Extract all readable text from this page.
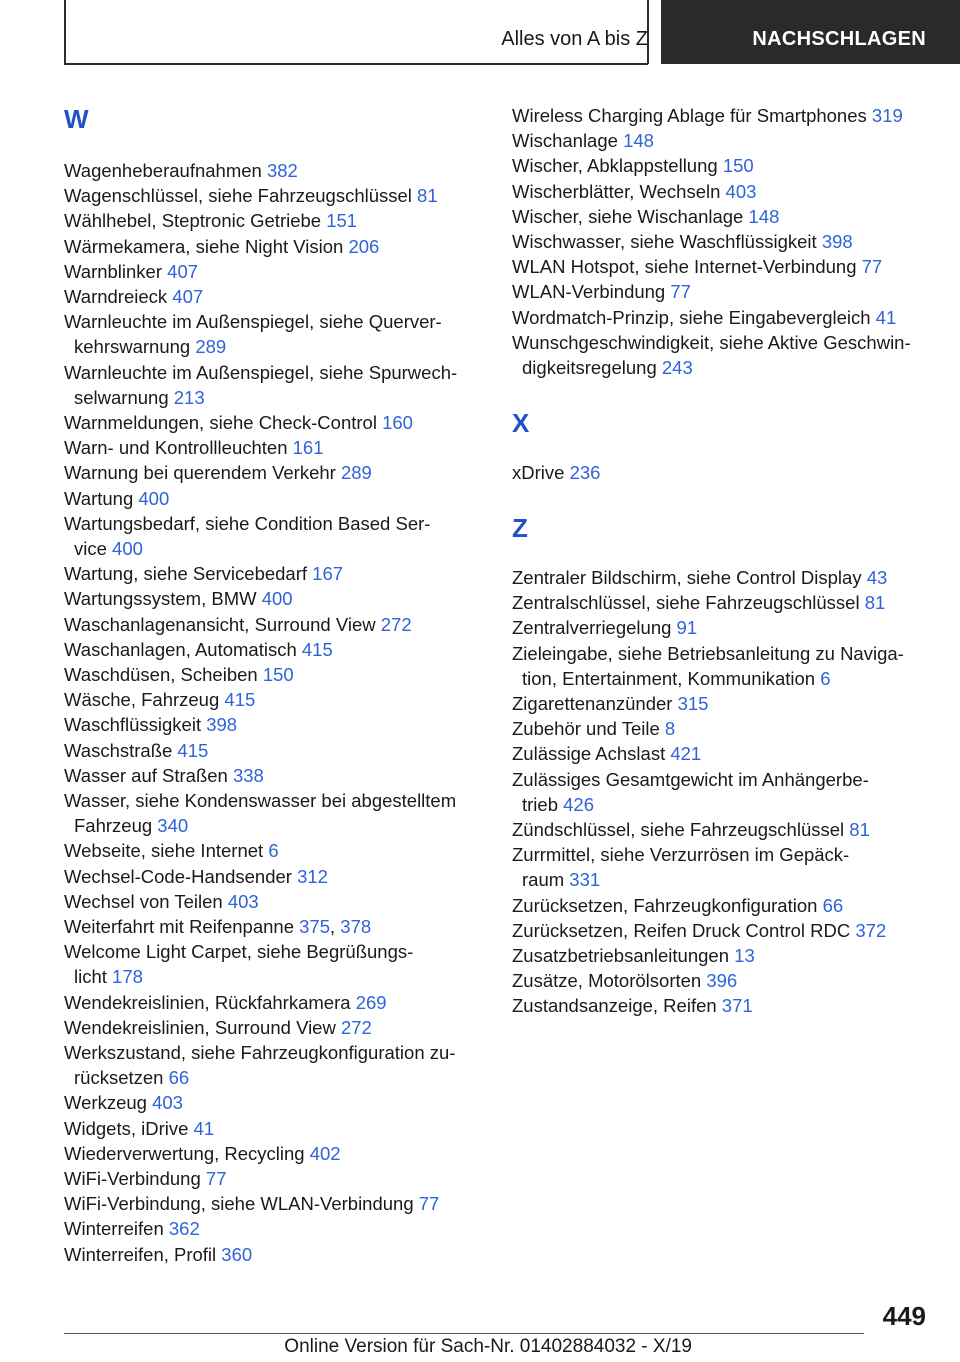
Alles von A bis Z	NACHSCHLAGEN
W
Wagenheberaufnahmen 382
Wagenschlüssel, siehe Fahrzeugschlüssel 81
Wählhebel, Steptronic Getriebe 151
Wärmekamera, siehe Night Vision 206
Warnblinker 407
Warndreieck 407
Warnleuchte im Außenspiegel, siehe Querver-
kehrswarnung 289
Warnleuchte im Außenspiegel, siehe Spurwech-
selwarnung 213
Warnmeldungen, siehe Check-Control 160
Warn- und Kontrollleuchten 161
Warnung bei querendem Verkehr 289
Wartung 400
Wartungsbedarf, siehe Condition Based Ser-
vice 400
Wartung, siehe Servicebedarf 167
Wartungssystem, BMW 400
Waschanlagenansicht, Surround View 272
Waschanlagen, Automatisch 415
Waschdüsen, Scheiben 150
Wäsche, Fahrzeug 415
Waschflüssigkeit 398
Waschstraße 415
Wasser auf Straßen 338
Wasser, siehe Kondenswasser bei abgestelltem
Fahrzeug 340
Webseite, siehe Internet 6
Wechsel-Code-Handsender 312
Wechsel von Teilen 403
Weiterfahrt mit Reifenpanne 375, 378
Welcome Light Carpet, siehe Begrüßungs-
licht 178
Wendekreislinien, Rückfahrkamera 269
Wendekreislinien, Surround View 272
Werkszustand, siehe Fahrzeugkonfiguration zu-
rücksetzen 66
Werkzeug 403
Widgets, iDrive 41
Wiederverwertung, Recycling 402
WiFi-Verbindung 77
WiFi-Verbindung, siehe WLAN-Verbindung 77
Winterreifen 362
Winterreifen, Profil 360
X
Z
Wireless Charging Ablage für Smartphones 319
Wischanlage 148
Wischer, Abklappstellung 150
Wischerblätter, Wechseln 403
Wischer, siehe Wischanlage 148
Wischwasser, siehe Waschflüssigkeit 398
WLAN Hotspot, siehe Internet-Verbindung 77
WLAN-Verbindung 77
Wordmatch-Prinzip, siehe Eingabevergleich 41
Wunschgeschwindigkeit, siehe Aktive Geschwin-
digkeitsregelung 243
xDrive 236
Zentraler Bildschirm, siehe Control Display 43
Zentralschlüssel, siehe Fahrzeugschlüssel 81
Zentralverriegelung 91
Zieleingabe, siehe Betriebsanleitung zu Naviga-
tion, Entertainment, Kommunikation 6
Zigarettenanzünder 315
Zubehör und Teile 8
Zulässige Achslast 421
Zulässiges Gesamtgewicht im Anhängerbe-
trieb 426
Zündschlüssel, siehe Fahrzeugschlüssel 81
Zurrmittel, siehe Verzurrösen im Gepäck-
raum 331
Zurücksetzen, Fahrzeugkonfiguration 66
Zurücksetzen, Reifen Druck Control RDC 372
Zusatzbetriebsanleitungen 13
Zusätze, Motorölsorten 396
Zustandsanzeige, Reifen 371
449
Online Version für Sach-Nr. 01402884032 - X/19
